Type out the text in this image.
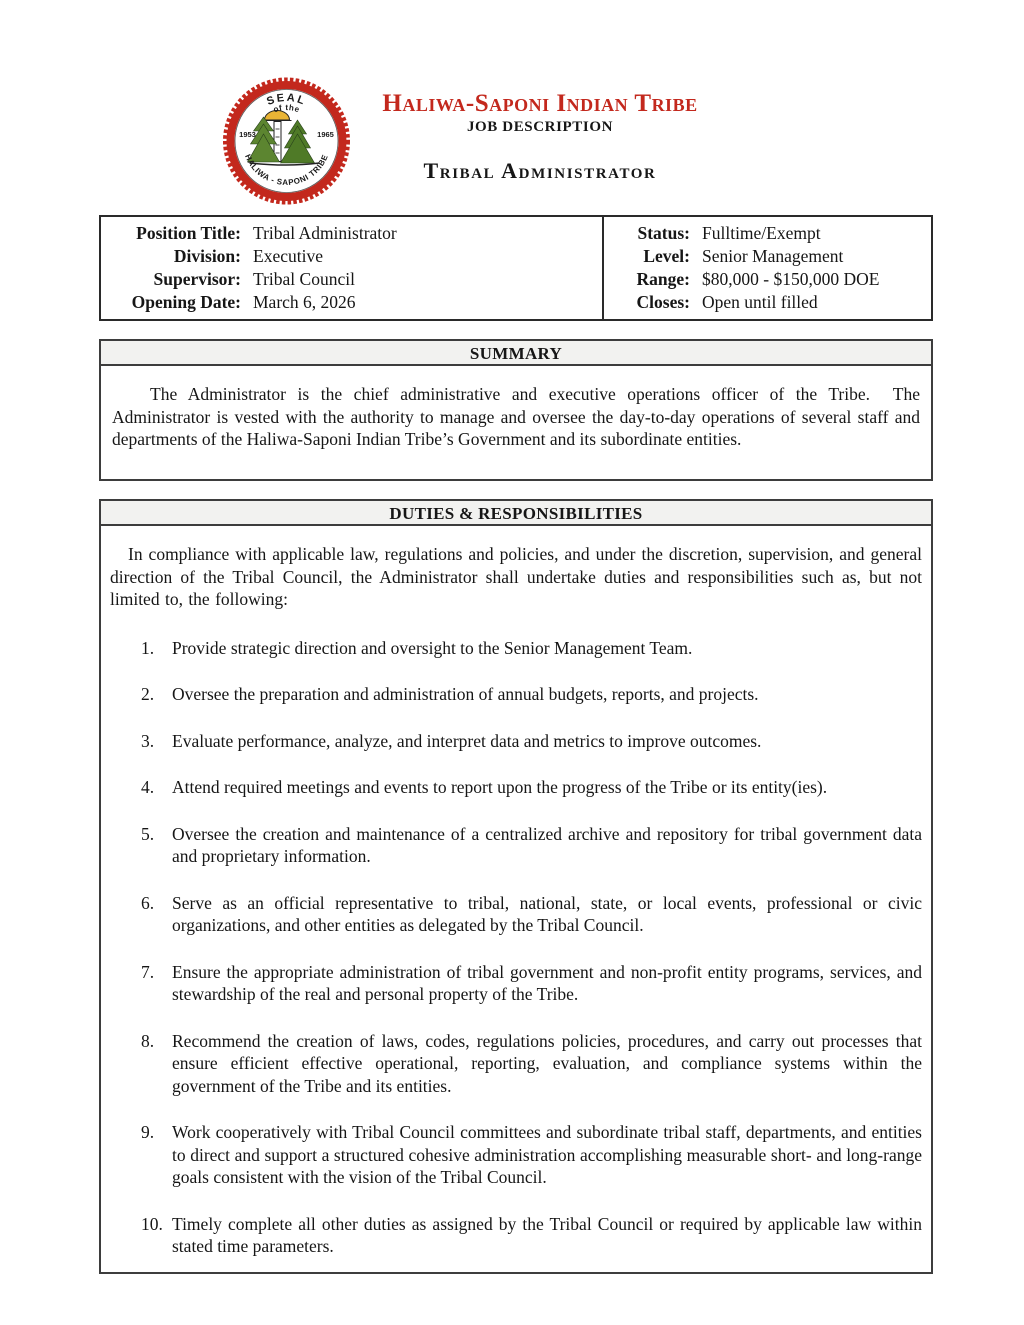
SEAL
of the
1953	1965
HALIWA - SAPONI TRIBE
Haliwa-Saponi Indian Tribe
JOB DESCRIPTION
Tribal Administrator
Position Title: Tribal Administrator	Status: Fulltime/Exempt
Division: Executive	Level: Senior Management
Supervisor: Tribal Council	Range: $80,000 - $150,000 DOE
Opening Date: March 6, 2026	Closes: Open until filled
SUMMARY

The Administrator is the chief administrative and executive operations officer of the Tribe.  The Administrator is vested with the authority to manage and oversee the day-to-day operations of several staff and departments of the Haliwa-Saponi Indian Tribe’s Government and its subordinate entities.

DUTIES & RESPONSIBILITIES

In compliance with applicable law, regulations and policies, and under the discretion, supervision, and general direction of the Tribal Council, the Administrator shall undertake duties and responsibilities such as, but not limited to, the following:

1. Provide strategic direction and oversight to the Senior Management Team.
2. Oversee the preparation and administration of annual budgets, reports, and projects.
3. Evaluate performance, analyze, and interpret data and metrics to improve outcomes.
4. Attend required meetings and events to report upon the progress of the Tribe or its entity(ies).
5. Oversee the creation and maintenance of a centralized archive and repository for tribal government data and proprietary information.
6. Serve as an official representative to tribal, national, state, or local events, professional or civic organizations, and other entities as delegated by the Tribal Council.
7. Ensure the appropriate administration of tribal government and non-profit entity programs, services, and stewardship of the real and personal property of the Tribe.
8. Recommend the creation of laws, codes, regulations policies, procedures, and carry out processes that ensure efficient effective operational, reporting, evaluation, and compliance systems within the government of the Tribe and its entities.
9. Work cooperatively with Tribal Council committees and subordinate tribal staff, departments, and entities to direct and support a structured cohesive administration accomplishing measurable short- and long-range goals consistent with the vision of the Tribal Council.
10. Timely complete all other duties as assigned by the Tribal Council or required by applicable law within stated time parameters.
